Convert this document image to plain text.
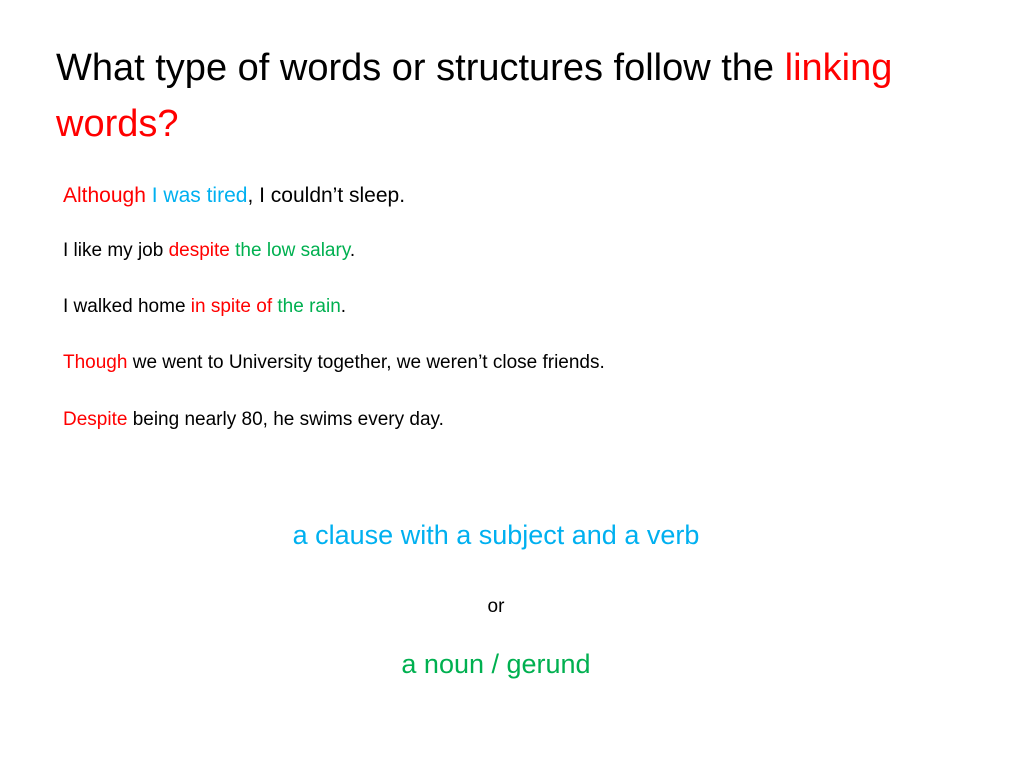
What type of words or structures follow the linking words?

Although I was tired, I couldn’t sleep.

I like my job despite the low salary.

I walked home in spite of the rain.

Though we went to University together, we weren’t close friends.

Despite being nearly 80, he swims every day.

a clause with a subject and a verb

or

a noun / gerund
